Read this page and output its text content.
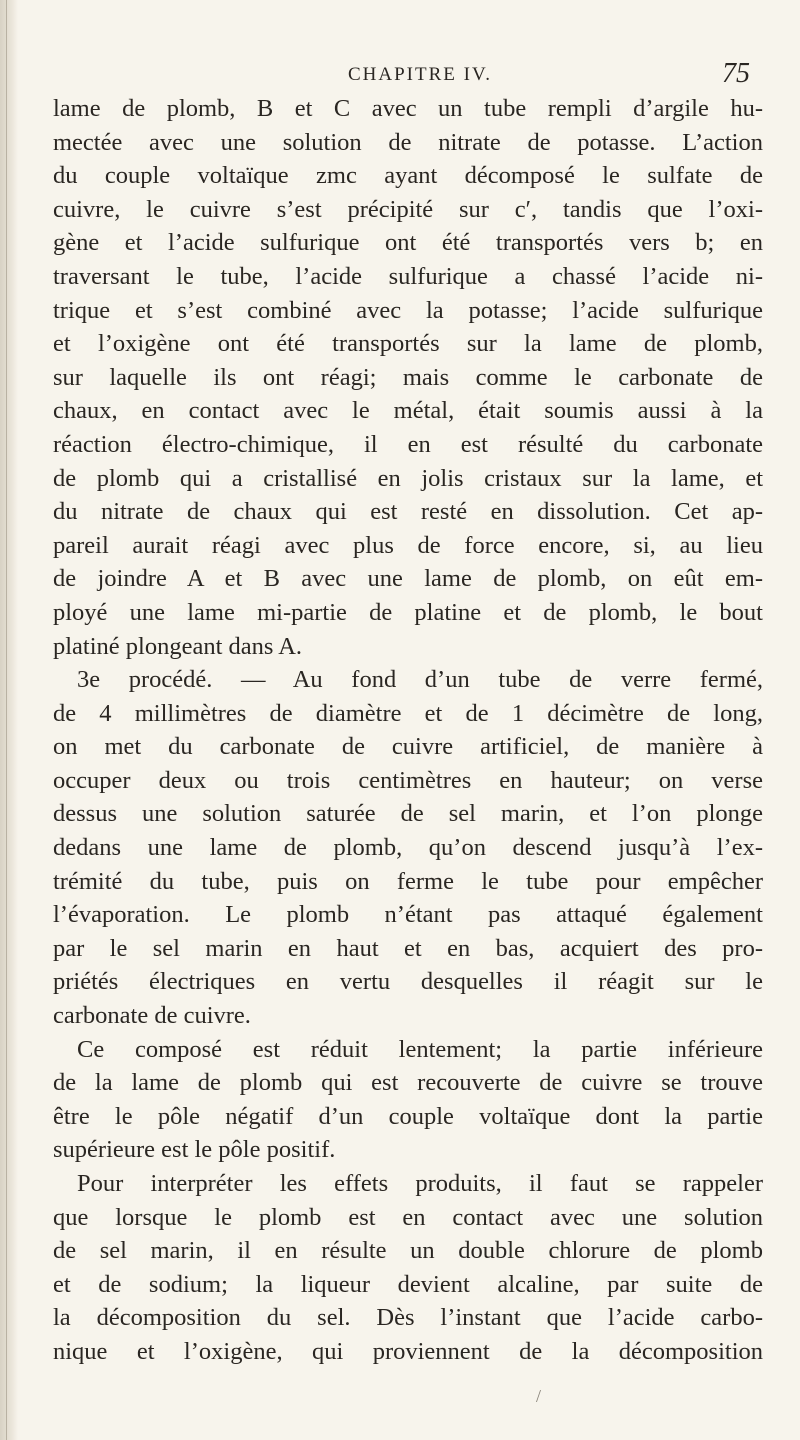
CHAPITRE IV.	75
lame de plomb, B et C avec un tube rempli d’argile hu-
mectée avec une solution de nitrate de potasse. L’action
du couple voltaïque zmc ayant décomposé le sulfate de
cuivre, le cuivre s’est précipité sur c′, tandis que l’oxi-
gène et l’acide sulfurique ont été transportés vers b; en
traversant le tube, l’acide sulfurique a chassé l’acide ni-
trique et s’est combiné avec la potasse; l’acide sulfurique
et l’oxigène ont été transportés sur la lame de plomb,
sur laquelle ils ont réagi; mais comme le carbonate de
chaux, en contact avec le métal, était soumis aussi à la
réaction électro-chimique, il en est résulté du carbonate
de plomb qui a cristallisé en jolis cristaux sur la lame, et
du nitrate de chaux qui est resté en dissolution. Cet ap-
pareil aurait réagi avec plus de force encore, si, au lieu
de joindre A et B avec une lame de plomb, on eût em-
ployé une lame mi-partie de platine et de plomb, le bout
platiné plongeant dans A.
3e procédé. — Au fond d’un tube de verre fermé,
de 4 millimètres de diamètre et de 1 décimètre de long,
on met du carbonate de cuivre artificiel, de manière à
occuper deux ou trois centimètres en hauteur; on verse
dessus une solution saturée de sel marin, et l’on plonge
dedans une lame de plomb, qu’on descend jusqu’à l’ex-
trémité du tube, puis on ferme le tube pour empêcher
l’évaporation. Le plomb n’étant pas attaqué également
par le sel marin en haut et en bas, acquiert des pro-
priétés électriques en vertu desquelles il réagit sur le
carbonate de cuivre.
Ce composé est réduit lentement; la partie inférieure
de la lame de plomb qui est recouverte de cuivre se trouve
être le pôle négatif d’un couple voltaïque dont la partie
supérieure est le pôle positif.
Pour interpréter les effets produits, il faut se rappeler
que lorsque le plomb est en contact avec une solution
de sel marin, il en résulte un double chlorure de plomb
et de sodium; la liqueur devient alcaline, par suite de
la décomposition du sel. Dès l’instant que l’acide carbo-
nique et l’oxigène, qui proviennent de la décomposition
/
